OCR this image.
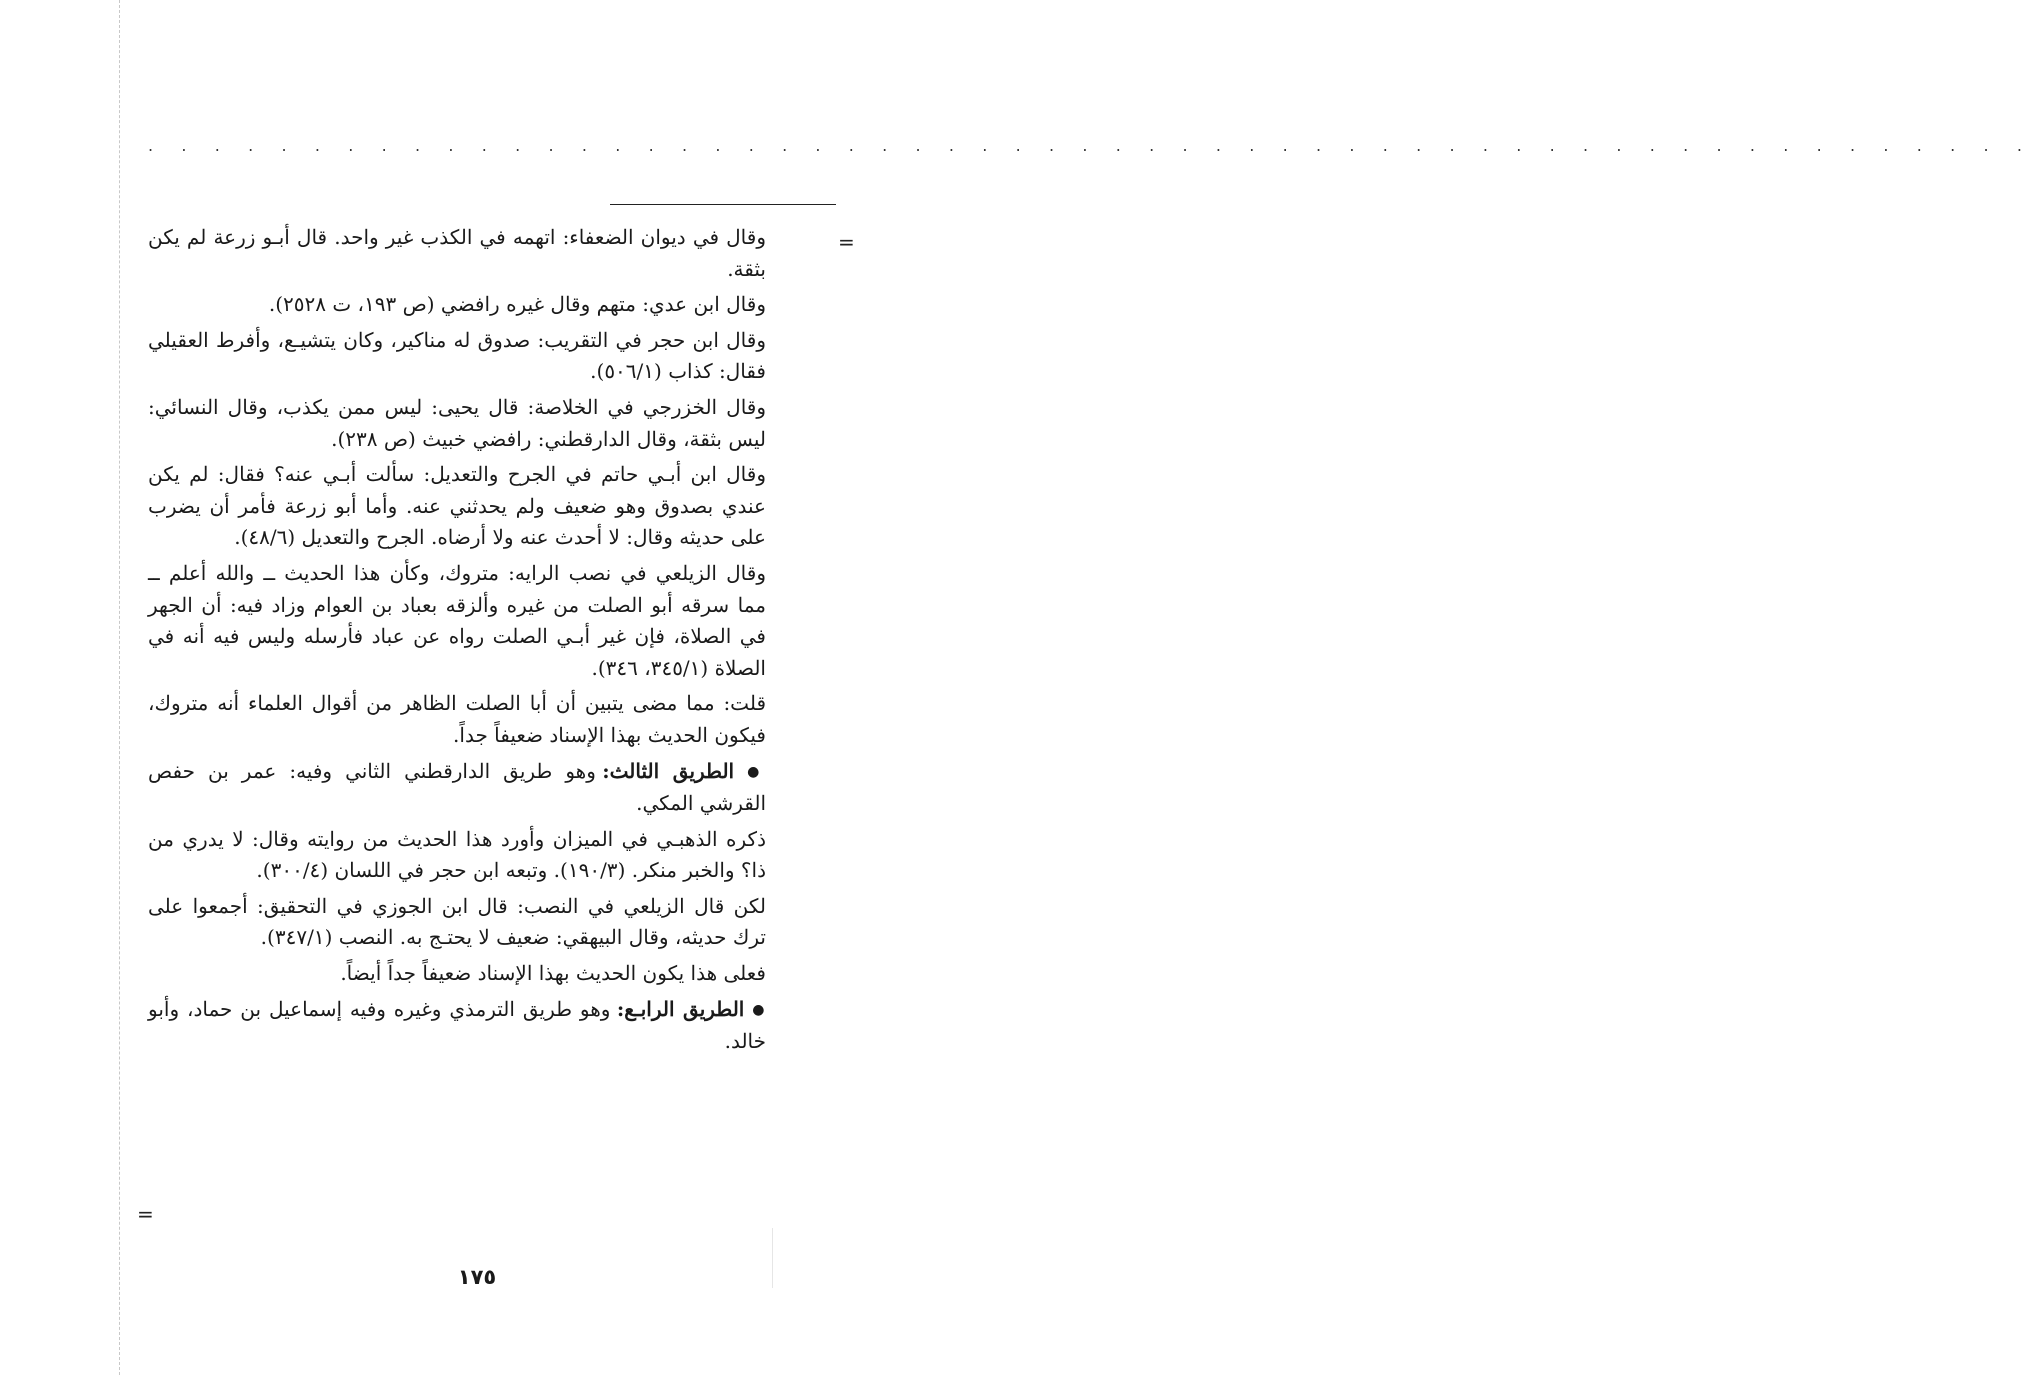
. . . . . . . . . . . . . . . . . . . . . . . . . . . . . . . . . . . . . . . . . . . . . . . . . . . . . . . . .
=

وقال في ديوان الضعفاء: اتهمه في الكذب غير واحد. قال أبـو زرعة لم يكن بثقة.

وقال ابن عدي: متهم وقال غيره رافضي (ص ١٩٣، ت ٢٥٢٨).

وقال ابن حجر في التقريب: صدوق له مناكير، وكان يتشيـع، وأفرط العقيلي فقال: كذاب (٥٠٦/١).

وقال الخزرجي في الخلاصة: قال يحيى: ليس ممن يكذب، وقال النسائي: ليس بثقة، وقال الدارقطني: رافضي خبيث (ص ٢٣٨).

وقال ابن أبـي حاتم في الجرح والتعديل: سألت أبـي عنه؟ فقال: لم يكن عندي بصدوق وهو ضعيف ولم يحدثني عنه. وأما أبو زرعة فأمر أن يضرب على حديثه وقال: لا أحدث عنه ولا أرضاه. الجرح والتعديل (٤٨/٦).

وقال الزيلعي في نصب الرايه: متروك، وكأن هذا الحديث ــ والله أعلم ــ مما سرقه أبو الصلت من غيره وألزقه بعباد بن العوام وزاد فيه: أن الجهر في الصلاة، فإن غير أبـي الصلت رواه عن عباد فأرسله وليس فيه أنه في الصلاة (٣٤٥/١، ٣٤٦).

قلت: مما مضى يتبين أن أبا الصلت الظاهر من أقوال العلماء أنه متروك، فيكون الحديث بهذا الإسناد ضعيفاً جداً.

● الطريق الثالث: وهو طريق الدارقطني الثاني وفيه: عمر بن حفص القرشي المكي.

ذكره الذهبـي في الميزان وأورد هذا الحديث من روايته وقال: لا يدري من ذا؟ والخبر منكر. (١٩٠/٣). وتبعه ابن حجر في اللسان (٣٠٠/٤).

لكن قال الزيلعي في النصب: قال ابن الجوزي في التحقيق: أجمعوا على ترك حديثه، وقال البيهقي: ضعيف لا يحتـج به. النصب (٣٤٧/١).

فعلى هذا يكون الحديث بهذا الإسناد ضعيفاً جداً أيضاً.

● الطريق الرابـع: وهو طريق الترمذي وغيره وفيه إسماعيل بن حماد، وأبو خالد.

=
١٧٥
